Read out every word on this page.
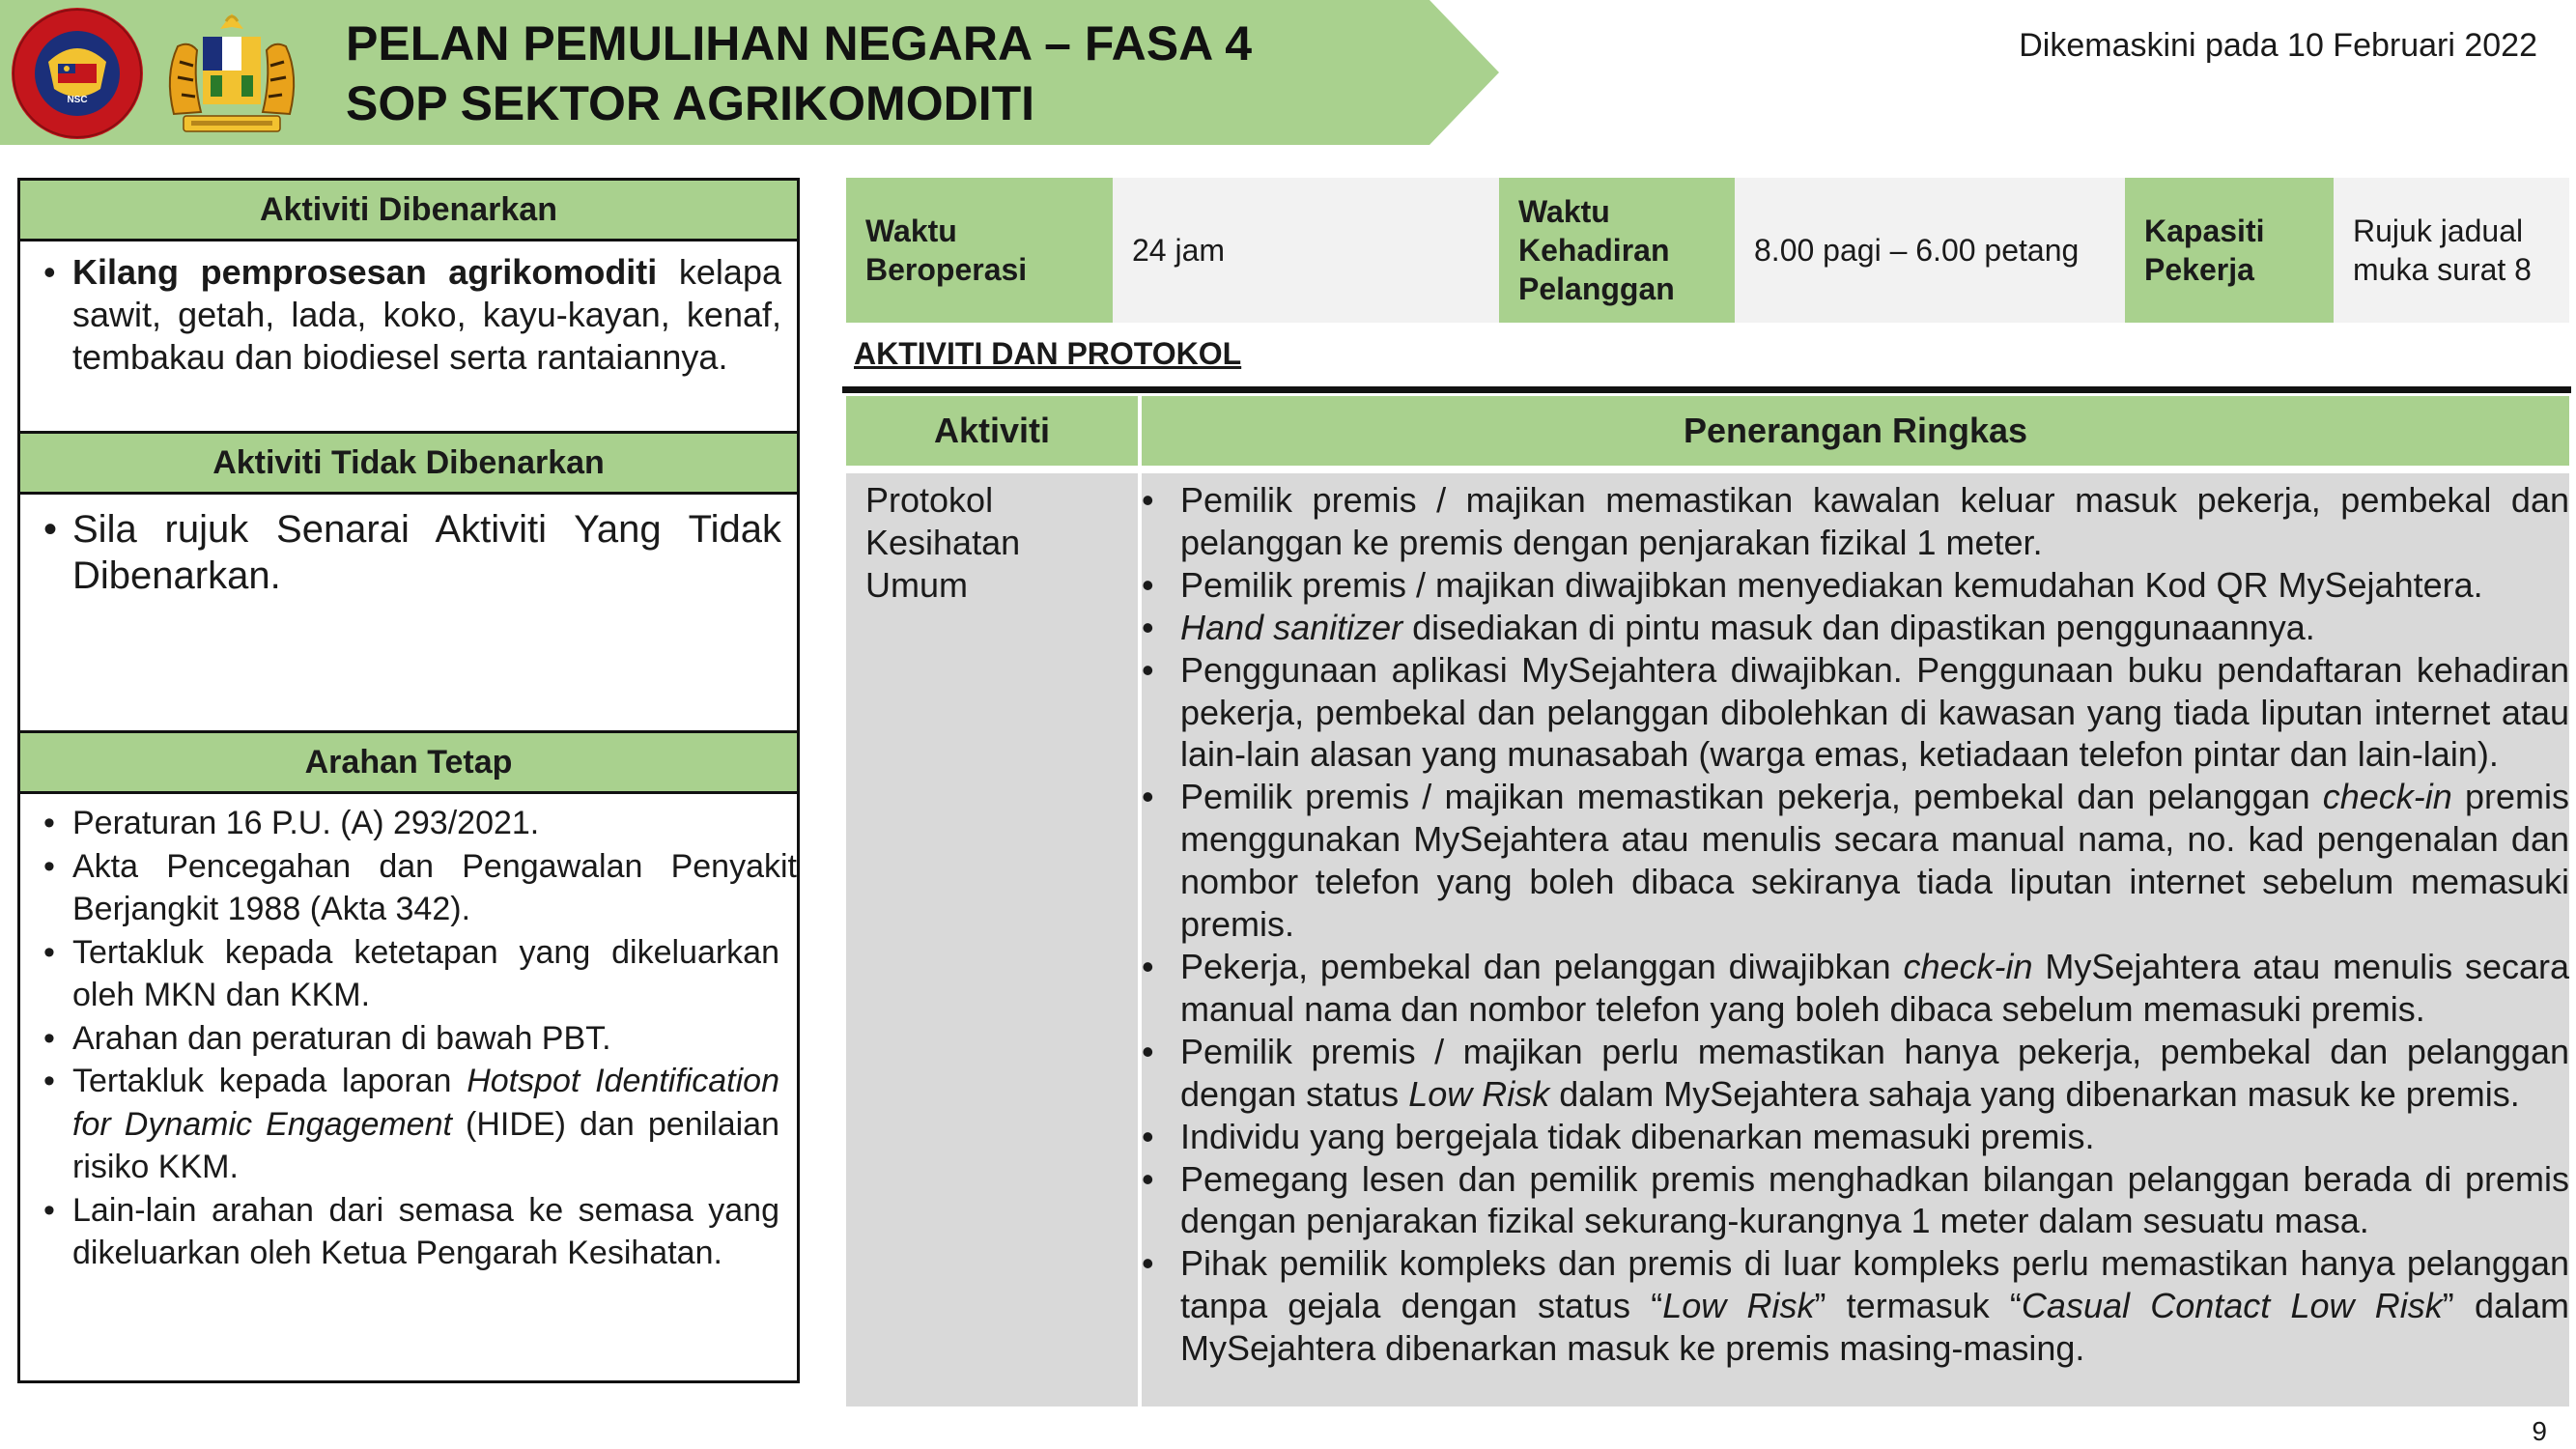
NSC
PELAN PEMULIHAN NEGARA – FASA 4
SOP SEKTOR AGRIKOMODITI
Dikemaskini pada 10 Februari 2022
Aktiviti Dibenarkan
• Kilang pemprosesan agrikomoditi kelapa sawit, getah, lada, koko, kayu-kayan, kenaf, tembakau dan biodiesel serta rantaiannya.
Aktiviti Tidak Dibenarkan
• Sila rujuk Senarai Aktiviti Yang Tidak Dibenarkan.
Arahan Tetap
• Peraturan 16 P.U. (A) 293/2021.
• Akta Pencegahan dan Pengawalan Penyakit Berjangkit 1988 (Akta 342).
• Tertakluk kepada ketetapan yang dikeluarkan oleh MKN dan KKM.
• Arahan dan peraturan di bawah PBT.
• Tertakluk kepada laporan Hotspot Identification for Dynamic Engagement (HIDE) dan penilaian risiko KKM.
• Lain-lain arahan dari semasa ke semasa yang dikeluarkan oleh Ketua Pengarah Kesihatan.
Waktu Beroperasi
24 jam
Waktu Kehadiran Pelanggan
8.00 pagi – 6.00 petang
Kapasiti Pekerja
Rujuk jadual muka surat 8
AKTIVITI DAN PROTOKOL
Aktiviti	Penerangan Ringkas
Protokol Kesihatan Umum
• Pemilik premis / majikan memastikan kawalan keluar masuk pekerja, pembekal dan pelanggan ke premis dengan penjarakan fizikal 1 meter.
• Pemilik premis / majikan diwajibkan menyediakan kemudahan Kod QR MySejahtera.
• Hand sanitizer disediakan di pintu masuk dan dipastikan penggunaannya.
• Penggunaan aplikasi MySejahtera diwajibkan. Penggunaan buku pendaftaran kehadiran pekerja, pembekal dan pelanggan dibolehkan di kawasan yang tiada liputan internet atau lain-lain alasan yang munasabah (warga emas, ketiadaan telefon pintar dan lain-lain).
• Pemilik premis / majikan memastikan pekerja, pembekal dan pelanggan check-in premis menggunakan MySejahtera atau menulis secara manual nama, no. kad pengenalan dan nombor telefon yang boleh dibaca sekiranya tiada liputan internet sebelum memasuki premis.
• Pekerja, pembekal dan pelanggan diwajibkan check-in MySejahtera atau menulis secara manual nama dan nombor telefon yang boleh dibaca sebelum memasuki premis.
• Pemilik premis / majikan perlu memastikan hanya pekerja, pembekal dan pelanggan dengan status Low Risk dalam MySejahtera sahaja yang dibenarkan masuk ke premis.
• Individu yang bergejala tidak dibenarkan memasuki premis.
• Pemegang lesen dan pemilik premis menghadkan bilangan pelanggan berada di premis dengan penjarakan fizikal sekurang-kurangnya 1 meter dalam sesuatu masa.
• Pihak pemilik kompleks dan premis di luar kompleks perlu memastikan hanya pelanggan tanpa gejala dengan status “Low Risk” termasuk “Casual Contact Low Risk” dalam MySejahtera dibenarkan masuk ke premis masing-masing.
9
